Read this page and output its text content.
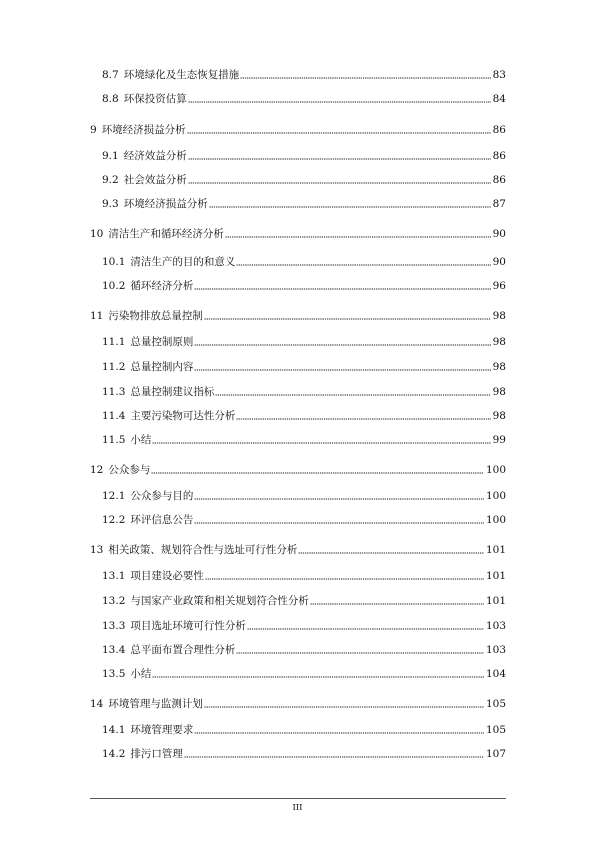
8.7 环境绿化及生态恢复措施	83
8.8 环保投资估算	84
9 环境经济损益分析	86
9.1 经济效益分析	86
9.2 社会效益分析	86
9.3 环境经济损益分析	87
10 清洁生产和循环经济分析	90
10.1 清洁生产的目的和意义	90
10.2 循环经济分析	96
11 污染物排放总量控制	98
11.1 总量控制原则	98
11.2 总量控制内容	98
11.3 总量控制建议指标	98
11.4 主要污染物可达性分析	98
11.5 小结	99
12 公众参与	100
12.1 公众参与目的	100
12.2 环评信息公告	100
13 相关政策、规划符合性与选址可行性分析	101
13.1 项目建设必要性	101
13.2 与国家产业政策和相关规划符合性分析	101
13.3 项目选址环境可行性分析	103
13.4 总平面布置合理性分析	103
13.5 小结	104
14 环境管理与监测计划	105
14.1 环境管理要求	105
14.2 排污口管理	107
III
